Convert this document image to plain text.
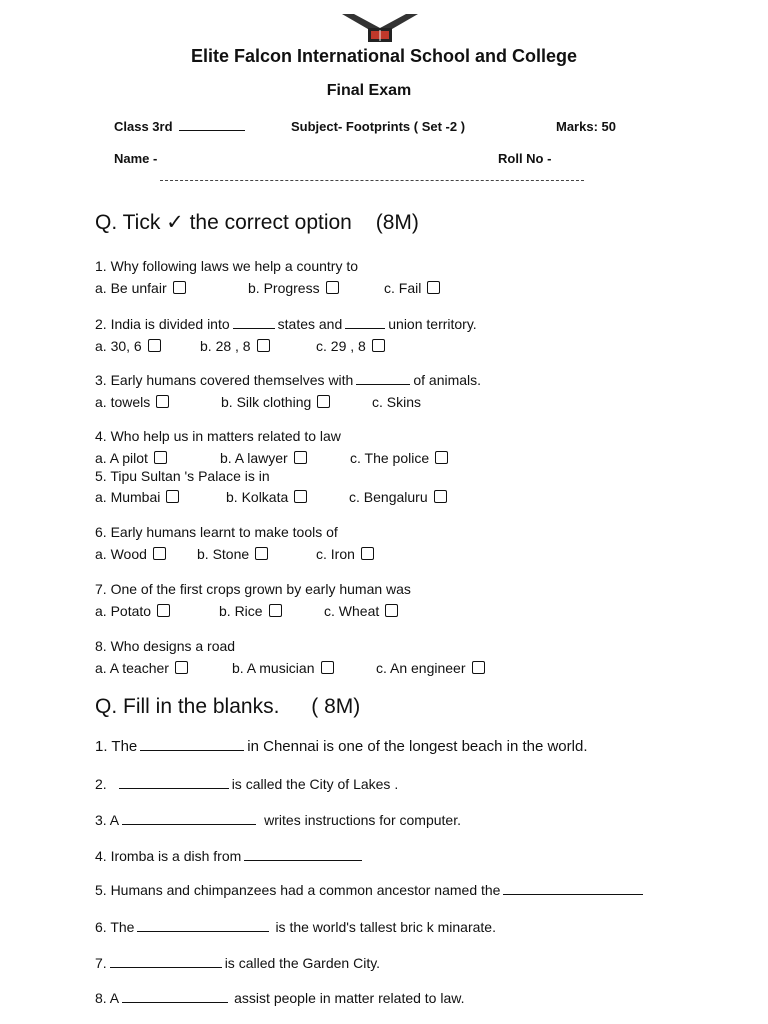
Elite Falcon International School and College
Final Exam
Class 3rd	Subject- Footprints ( Set -2 )	Marks: 50
Name -	Roll No -
Q. Tick ✓ the correct option (8M)
1. Why following laws we help a country to
a. Be unfair	b. Progress	c. Fail
2. India is divided into	states and	union territory.
a. 30, 6	b. 28 , 8	c. 29 , 8
3. Early humans covered themselves with	of animals.
a. towels	b. Silk clothing	c. Skins
4. Who help us in matters related to law
a. A pilot	b. A lawyer	c. The police
5. Tipu Sultan 's Palace is in
a. Mumbai	b. Kolkata	c. Bengaluru
6. Early humans learnt to make tools of
a. Wood	b. Stone	c. Iron
7. One of the first crops grown by early human was
a. Potato	b. Rice	c. Wheat
8. Who designs a road
a. A teacher	b. A musician	c. An engineer
Q. Fill in the blanks. ( 8M)
1. The	in Chennai is one of the longest beach in the world.
2.	is called the City of Lakes .
3. A	writes instructions for computer.
4. Iromba is a dish from
5. Humans and chimpanzees had a common ancestor named the
6. The	is the world's tallest bric k minarate.
7.	is called the Garden City.
8. A	assist people in matter related to law.
